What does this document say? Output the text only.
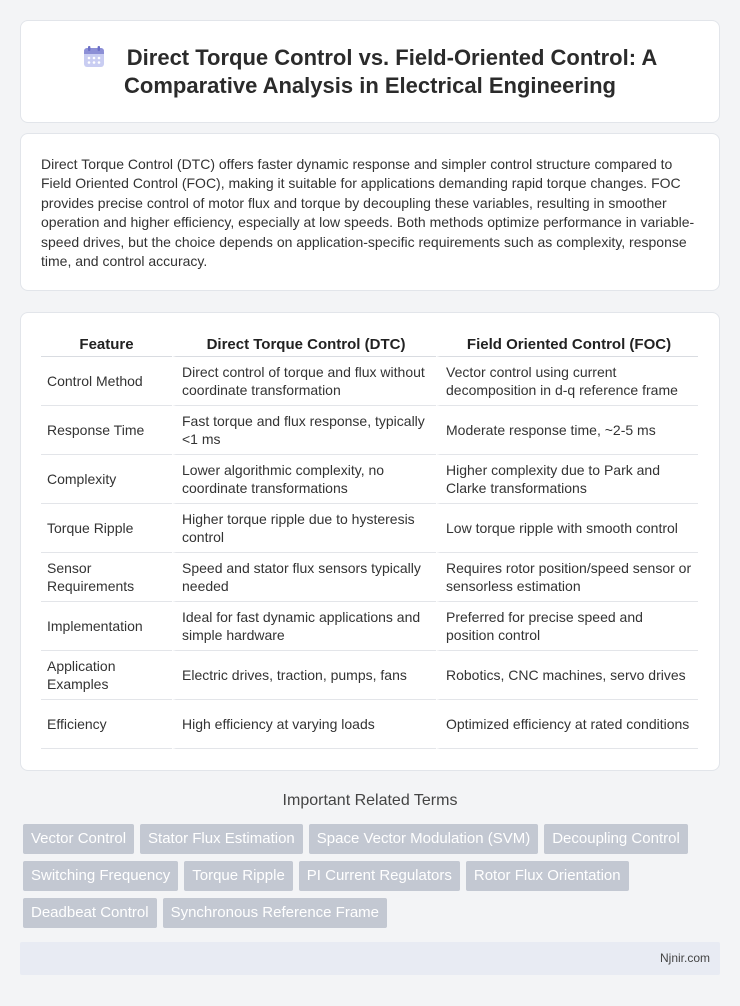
Direct Torque Control vs. Field-Oriented Control: A Comparative Analysis in Electrical Engineering

Direct Torque Control (DTC) offers faster dynamic response and simpler control structure compared to Field Oriented Control (FOC), making it suitable for applications demanding rapid torque changes. FOC provides precise control of motor flux and torque by decoupling these variables, resulting in smoother operation and higher efficiency, especially at low speeds. Both methods optimize performance in variable-speed drives, but the choice depends on application-specific requirements such as complexity, response time, and control accuracy.

Feature	Direct Torque Control (DTC)	Field Oriented Control (FOC)
Control Method	Direct control of torque and flux without coordinate transformation	Vector control using current decomposition in d-q reference frame
Response Time	Fast torque and flux response, typically <1 ms	Moderate response time, ~2-5 ms
Complexity	Lower algorithmic complexity, no coordinate transformations	Higher complexity due to Park and Clarke transformations
Torque Ripple	Higher torque ripple due to hysteresis control	Low torque ripple with smooth control
Sensor Requirements	Speed and stator flux sensors typically needed	Requires rotor position/speed sensor or sensorless estimation
Implementation	Ideal for fast dynamic applications and simple hardware	Preferred for precise speed and position control
Application Examples	Electric drives, traction, pumps, fans	Robotics, CNC machines, servo drives
Efficiency	High efficiency at varying loads	Optimized efficiency at rated conditions
Important Related Terms
Vector Control	Stator Flux Estimation	Space Vector Modulation (SVM)	Decoupling Control
Switching Frequency	Torque Ripple	PI Current Regulators	Rotor Flux Orientation
Deadbeat Control	Synchronous Reference Frame
Njnir.com
